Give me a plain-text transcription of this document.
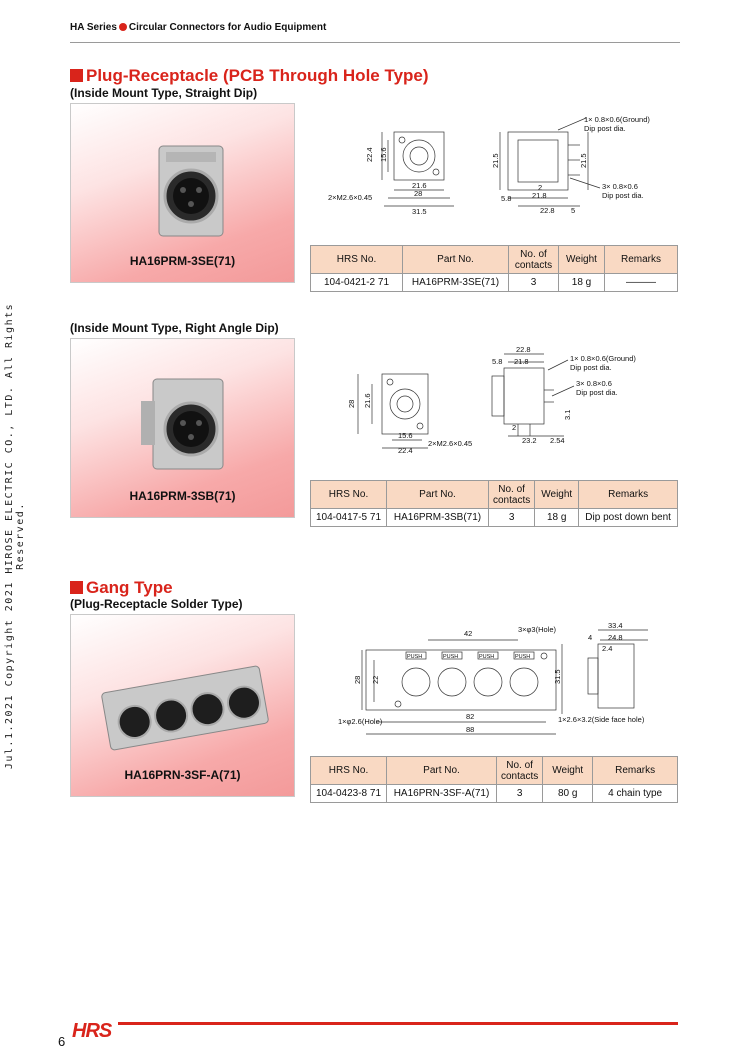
HA Series Circular Connectors for Audio Equipment
Jul.1.2021 Copyright 2021 HIROSE ELECTRIC CO., LTD. All Rights Reserved.
Plug-Receptacle (PCB Through Hole Type)
(Inside Mount Type, Straight Dip)
HA16PRM-3SE(71)
22.4 15.6
21.6
28
31.5
2×M2.6×0.45
21.5	21.5
2
21.8
22.8
5.8
5
1× 0.8×0.6(Ground)
Dip post dia.
3× 0.8×0.6
Dip post dia.
HRS No.	Part No.	No. of contacts	Weight	Remarks
104-0421-2 71	HA16PRM-3SE(71)	3	18 g	———
(Inside Mount Type, Right Angle Dip)
HA16PRM-3SB(71)
28 21.6
15.6
22.4
2×M2.6×0.45
22.8
21.8
5.8
3.1
2
23.2 2.54
1× 0.8×0.6(Ground)
Dip post dia.
3× 0.8×0.6
Dip post dia.
HRS No.	Part No.	No. of contacts	Weight	Remarks
104-0417-5 71	HA16PRM-3SB(71)	3	18 g	Dip post down bent
Gang Type
(Plug-Receptacle Solder Type)
HA16PRN-3SF-A(71)
PUSH	PUSH	PUSH	PUSH
42	3×φ3(Hole)
28 22	31.5
82
88
1×φ2.6(Hole)	1×2.6×3.2(Side face hole)
33.4
4 24.8
2.4
HRS No.	Part No.	No. of contacts	Weight	Remarks
104-0423-8 71	HA16PRN-3SF-A(71)	3	80 g	4 chain type
6 HRS
